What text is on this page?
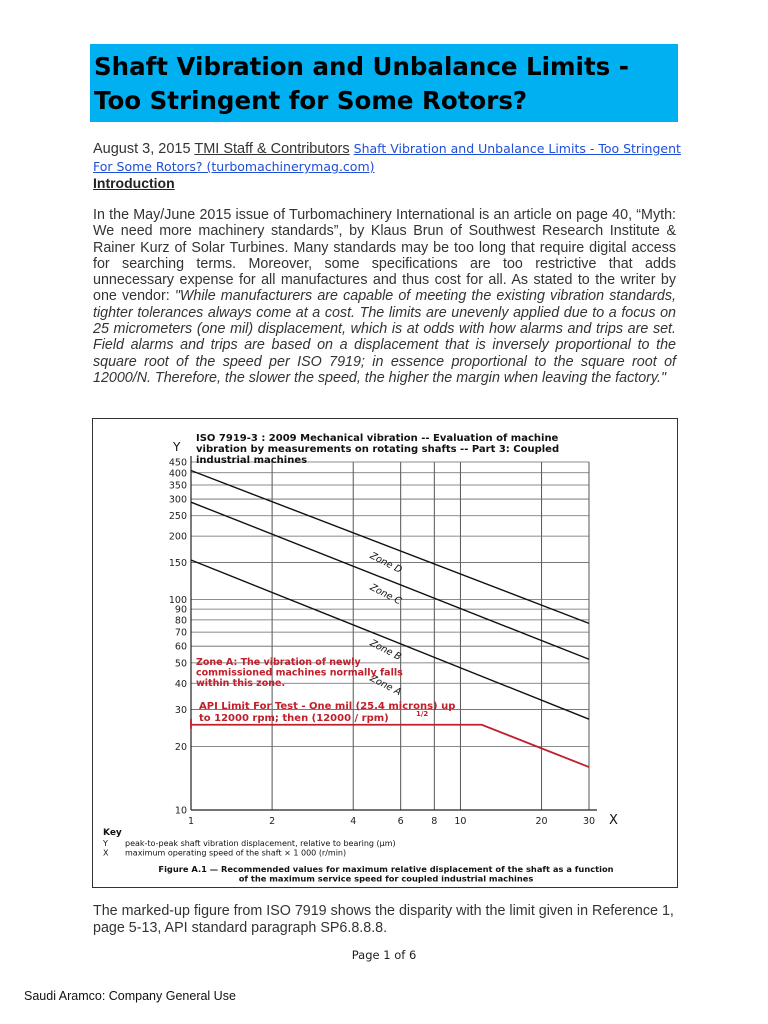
Shaft Vibration and Unbalance Limits -
Too Stringent for Some Rotors?
August 3, 2015 TMI Staff & Contributors Shaft Vibration and Unbalance Limits - Too Stringent For Some Rotors? (turbomachinerymag.com)
Introduction
In the May/June 2015 issue of Turbomachinery International is an article on page 40, “Myth: We need more machinery standards”, by Klaus Brun of Southwest Research Institute & Rainer Kurz of Solar Turbines. Many standards may be too long that require digital access for searching terms. Moreover, some specifications are too restrictive that adds unnecessary expense for all manufactures and thus cost for all. As stated to the writer by one vendor: "While manufacturers are capable of meeting the existing vibration standards, tighter tolerances always come at a cost. The limits are unevenly applied due to a focus on 25 micrometers (one mil) displacement, which is at odds with how alarms and trips are set. Field alarms and trips are based on a displacement that is inversely proportional to the square root of the speed per ISO 7919; in essence proportional to the square root of 12000/N. Therefore, the slower the speed, the higher the margin when leaving the factory."
1	2	4	6	8 10	20	30
10
20
30
40
50
60
70
80
90
100
150
200
250
300
350
400
450
Zone D
Zone C
Zone B
Zone A
Y
X
ISO 7919-3 : 2009 Mechanical vibration -- Evaluation of machine
vibration by measurements on rotating shafts -- Part 3: Coupled
industrial machines
Zone A: The vibration of newly
commissioned machines normally falls
within this zone.
API Limit For Test - One mil (25.4 microns) up
to 12000 rpm; then (12000 / rpm)	1/2
Key
Y peak-to-peak shaft vibration displacement, relative to bearing (μm)
X maximum operating speed of the shaft × 1 000 (r/min)
Figure A.1 — Recommended values for maximum relative displacement of the shaft as a function
of the maximum service speed for coupled industrial machines
The marked-up figure from ISO 7919 shows the disparity with the limit given in Reference 1, page 5-13, API standard paragraph SP6.8.8.8.
Page 1 of 6
Saudi Aramco: Company General Use
